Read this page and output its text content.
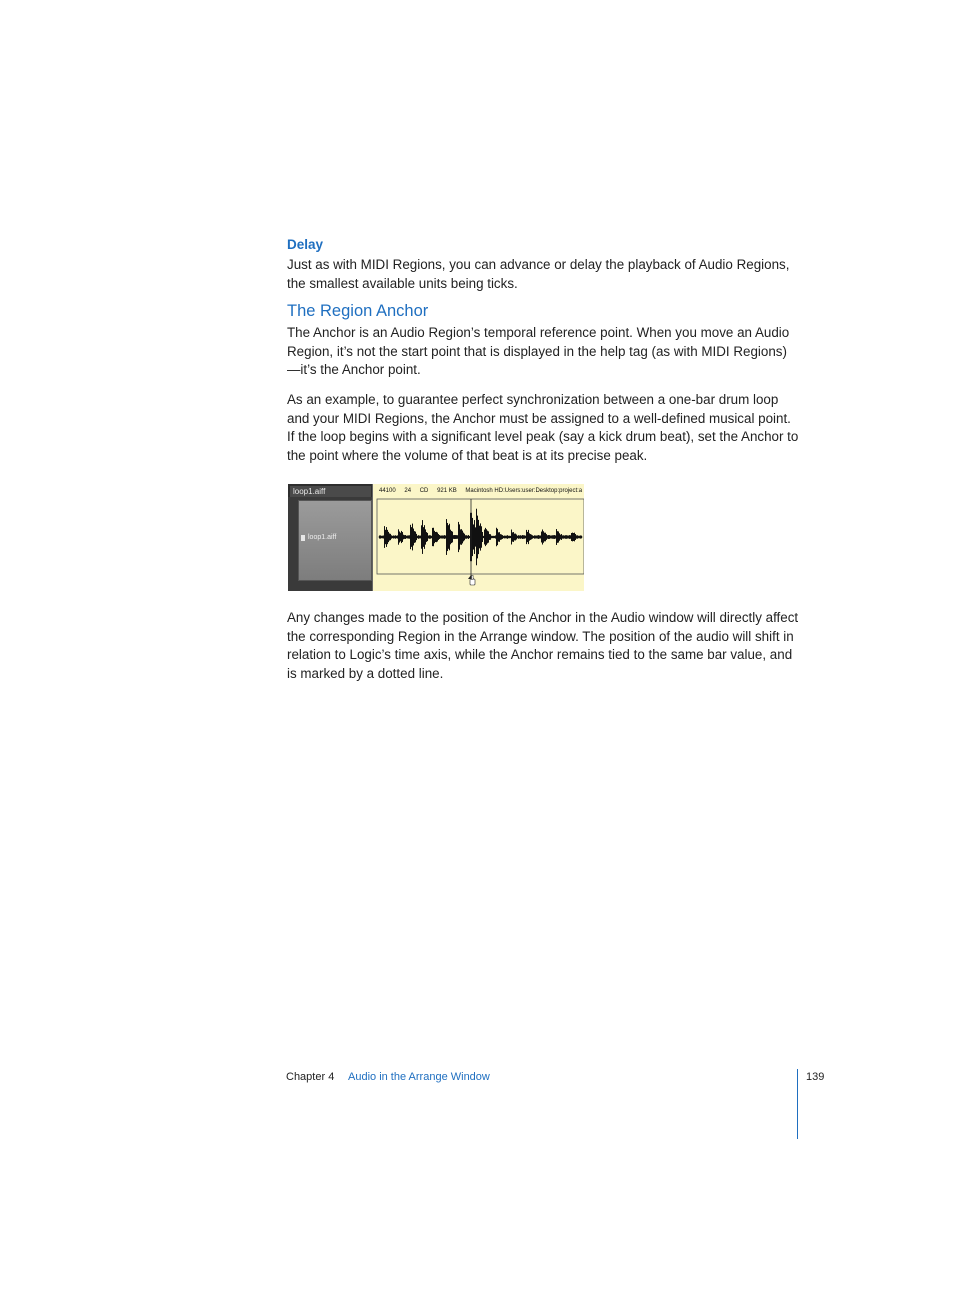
Delay

Just as with MIDI Regions, you can advance or delay the playback of Audio Regions, the smallest available units being ticks.

The Region Anchor

The Anchor is an Audio Region’s temporal reference point. When you move an Audio Region, it’s not the start point that is displayed in the help tag (as with MIDI Regions)—it’s the Anchor point.

As an example, to guarantee perfect synchronization between a one-bar drum loop and your MIDI Regions, the Anchor must be assigned to a well-defined musical point. If the loop begins with a significant level peak (say a kick drum beat), set the Anchor to the point where the volume of that beat is at its precise peak.

loop1.aiff
loop1.aiff
44100 24 CD 921 KB Macintosh HD:Users:user:Desktop:project:a

Any changes made to the position of the Anchor in the Audio window will directly affect the corresponding Region in the Arrange window. The position of the audio will shift in relation to Logic’s time axis, while the Anchor remains tied to the same bar value, and is marked by a dotted line.

Chapter 4 Audio in the Arrange Window	139
